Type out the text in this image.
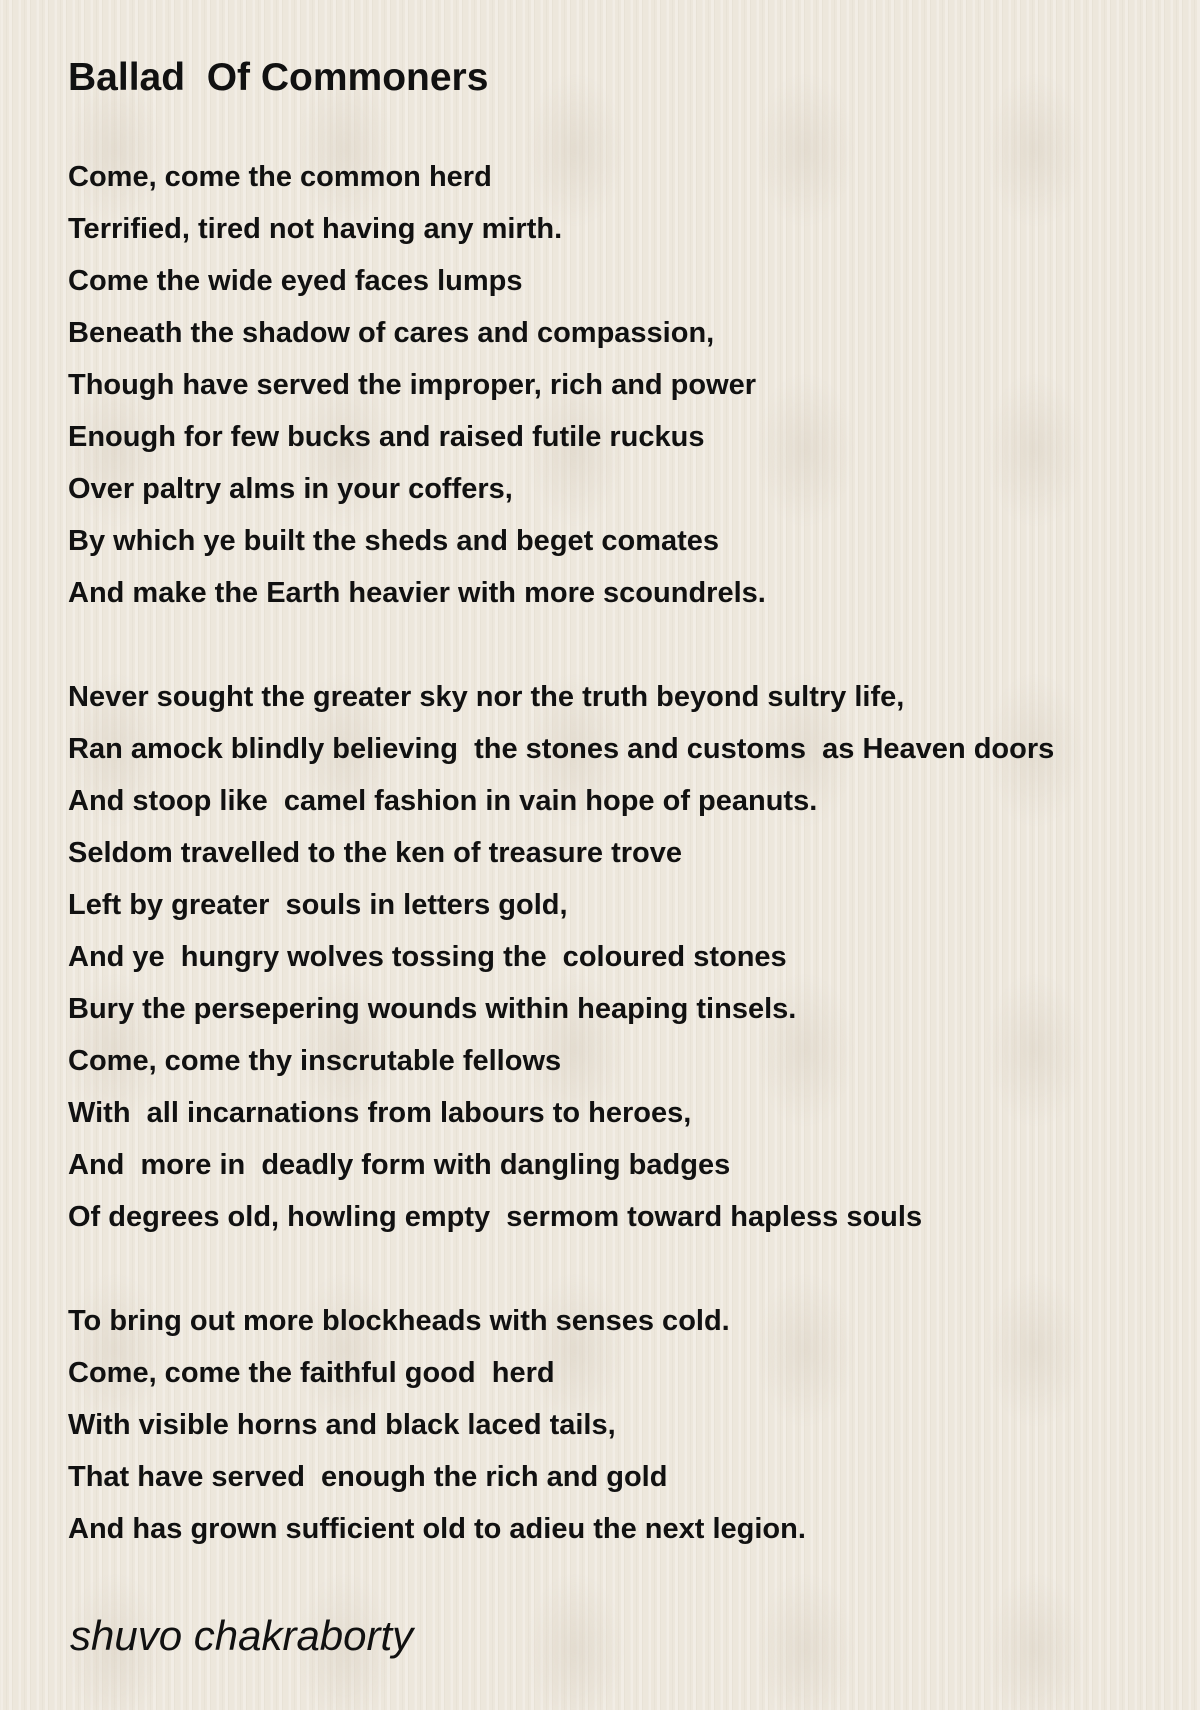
Ballad  Of Commoners
Come, come the common herd
Terrified, tired not having any mirth.
Come the wide eyed faces lumps
Beneath the shadow of cares and compassion,
Though have served the improper, rich and power
Enough for few bucks and raised futile ruckus
Over paltry alms in your coffers,
By which ye built the sheds and beget comates
And make the Earth heavier with more scoundrels.
Never sought the greater sky nor the truth beyond sultry life,
Ran amock blindly believing  the stones and customs  as Heaven doors
And stoop like  camel fashion in vain hope of peanuts.
Seldom travelled to the ken of treasure trove
Left by greater  souls in letters gold,
And ye  hungry wolves tossing the  coloured stones
Bury the persepering wounds within heaping tinsels.
Come, come thy inscrutable fellows
With  all incarnations from labours to heroes,
And  more in  deadly form with dangling badges
Of degrees old, howling empty  sermom toward hapless souls
To bring out more blockheads with senses cold.
Come, come the faithful good  herd
With visible horns and black laced tails,
That have served  enough the rich and gold
And has grown sufficient old to adieu the next legion.
shuvo chakraborty
